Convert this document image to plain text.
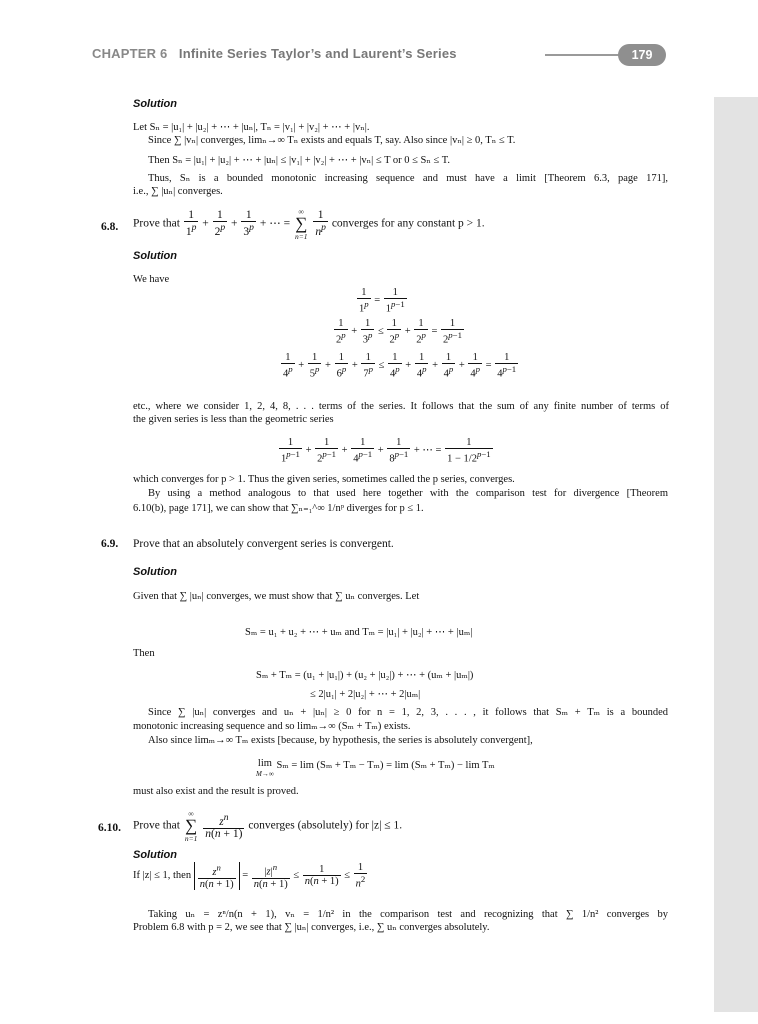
CHAPTER 6 Infinite Series Taylor’s and Laurent’s Series	179
Solution
Let Sₙ = |u₁| + |u₂| + ⋯ + |uₙ|, Tₙ = |v₁| + |v₂| + ⋯ + |vₙ|.
Since ∑ |vₙ| converges, limₙ→∞ Tₙ exists and equals T, say. Also since |vₙ| ≥ 0, Tₙ ≤ T.
Then Sₙ = |u₁| + |u₂| + ⋯ + |uₙ| ≤ |v₁| + |v₂| + ⋯ + |vₙ| ≤ T or 0 ≤ Sₙ ≤ T.
Thus, Sₙ is a bounded monotonic increasing sequence and must have a limit [Theorem 6.3, page 171],
i.e., ∑ |uₙ| converges.
6.8. Prove that $\frac{1}{1^p} + \frac{1}{2^p} + \frac{1}{3^p}$ + ⋯ =
∞
∑
n=1
$\frac{1}{n^p}$ converges for any constant p > 1.
Solution
We have
$\frac{1}{1^p} = \frac{1}{1^{p-1}}$
$\frac{1}{2^p} + \frac{1}{3^p} \le \frac{1}{2^p} + \frac{1}{2^p} = \frac{1}{2^{p-1}}$
$\frac{1}{4^p} + \frac{1}{5^p} + \frac{1}{6^p} + \frac{1}{7^p} \le \frac{1}{4^p} + \frac{1}{4^p} + \frac{1}{4^p} + \frac{1}{4^p} = \frac{1}{4^{p-1}}$
etc., where we consider 1, 2, 4, 8, . . . terms of the series. It follows that the sum of any finite number of terms of
the given series is less than the geometric series
$\frac{1}{1^{p-1}} + \frac{1}{2^{p-1}} + \frac{1}{4^{p-1}} + \frac{1}{8^{p-1}}$ + ⋯ = $\frac{1}{1 - 1/2^{p-1}}$
which converges for p > 1. Thus the given series, sometimes called the p series, converges.
By using a method analogous to that used here together with the comparison test for divergence [Theorem
6.10(b), page 171], we can show that ∑ₙ₌₁^∞ 1/nᵖ diverges for p ≤ 1.
6.9. Prove that an absolutely convergent series is convergent.
Solution
Given that ∑ |uₙ| converges, we must show that ∑ uₙ converges. Let
Sₘ = u₁ + u₂ + ⋯ + uₘ and Tₘ = |u₁| + |u₂| + ⋯ + |uₘ|
Then
Sₘ + Tₘ = (u₁ + |u₁|) + (u₂ + |u₂|) + ⋯ + (uₘ + |uₘ|)
≤ 2|u₁| + 2|u₂| + ⋯ + 2|uₘ|
Since ∑ |uₙ| converges and uₙ + |uₙ| ≥ 0 for n = 1, 2, 3, . . . , it follows that Sₘ + Tₘ is a bounded
monotonic increasing sequence and so limₘ→∞ (Sₘ + Tₘ) exists.
Also since limₘ→∞ Tₘ exists [because, by hypothesis, the series is absolutely convergent],
lim
M→∞
Sₘ = lim (Sₘ + Tₘ − Tₘ) = lim (Sₘ + Tₘ) − lim Tₘ
must also exist and the result is proved.
6.10. Prove that
∞
∑
n=1
$\frac{z^n}{n(n + 1)}$ converges (absolutely) for |z| ≤ 1.
Solution
If |z| ≤ 1, then $\frac{z^n}{n(n + 1)} = \frac{|z|^n}{n(n + 1)} \le \frac{1}{n(n + 1)} \le \frac{1}{n^2}$
Taking uₙ = zⁿ/n(n + 1), vₙ = 1/n² in the comparison test and recognizing that ∑ 1/n² converges by
Problem 6.8 with p = 2, we see that ∑ |uₙ| converges, i.e., ∑ uₙ converges absolutely.
